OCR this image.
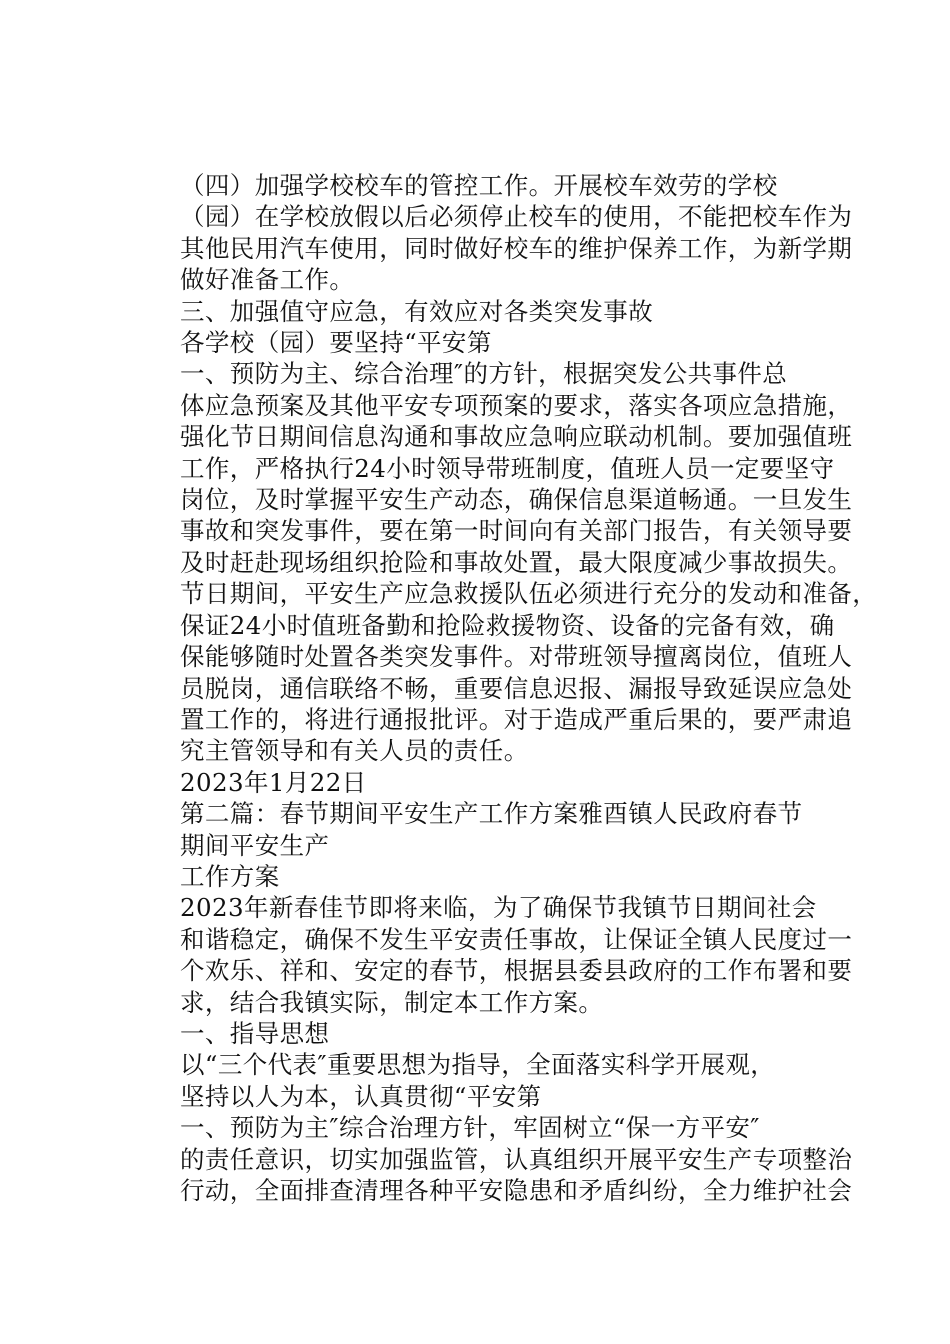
（四）加强学校校车的管控工作。开展校车效劳的学校
（园）在学校放假以后必须停止校车的使用，不能把校车作为
其他民用汽车使用，同时做好校车的维护保养工作，为新学期
做好准备工作。

三、加强值守应急，有效应对各类突发事故

各学校（园）要坚持“平安第

一、预防为主、综合治理″的方针，根据突发公共事件总
体应急预案及其他平安专项预案的要求，落实各项应急措施，
强化节日期间信息沟通和事故应急响应联动机制。要加强值班
工作，严格执行24小时领导带班制度，值班人员一定要坚守
岗位，及时掌握平安生产动态，确保信息渠道畅通。一旦发生
事故和突发事件，要在第一时间向有关部门报告，有关领导要
及时赶赴现场组织抢险和事故处置，最大限度减少事故损失。
节日期间，平安生产应急救援队伍必须进行充分的发动和准备，
保证24小时值班备勤和抢险救援物资、设备的完备有效，确
保能够随时处置各类突发事件。对带班领导擅离岗位，值班人
员脱岗，通信联络不畅，重要信息迟报、漏报导致延误应急处
置工作的，将进行通报批评。对于造成严重后果的，要严肃追
究主管领导和有关人员的责任。

2023年1月22日

第二篇：春节期间平安生产工作方案雅酉镇人民政府春节
期间平安生产

工作方案

2023年新春佳节即将来临，为了确保节我镇节日期间社会
和谐稳定，确保不发生平安责任事故，让保证全镇人民度过一
个欢乐、祥和、安定的春节，根据县委县政府的工作布署和要
求，结合我镇实际，制定本工作方案。

一、指导思想

以“三个代表″重要思想为指导，全面落实科学开展观，
坚持以人为本，认真贯彻“平安第

一、预防为主″综合治理方针，牢固树立“保一方平安″
的责任意识，切实加强监管，认真组织开展平安生产专项整治
行动，全面排查清理各种平安隐患和矛盾纠纷，全力维护社会
